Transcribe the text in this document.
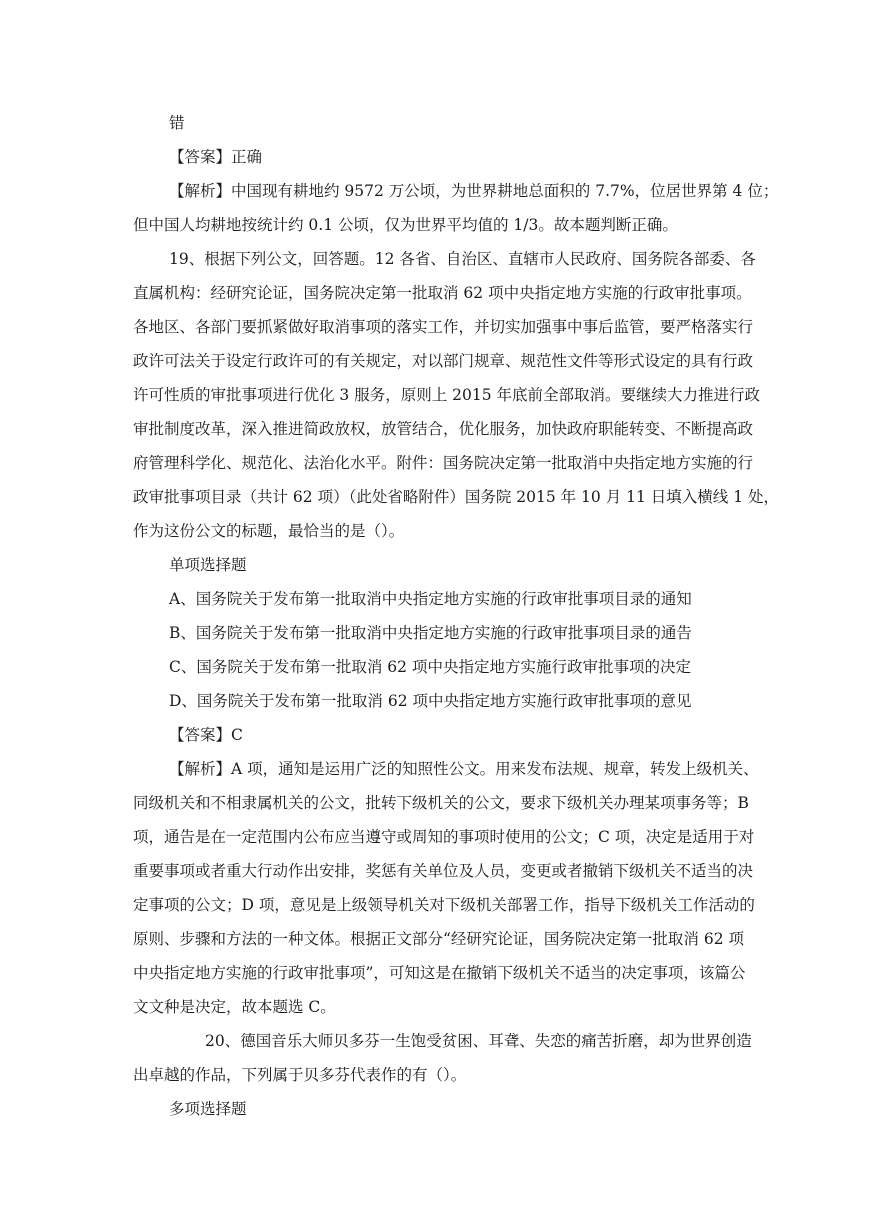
错
【答案】正确
【解析】中国现有耕地约 9572 万公顷，为世界耕地总面积的 7.7%，位居世界第 4 位；
但中国人均耕地按统计约 0.1 公顷，仅为世界平均值的 1/3。故本题判断正确。
19、根据下列公文，回答题。12 各省、自治区、直辖市人民政府、国务院各部委、各
直属机构：经研究论证，国务院决定第一批取消 62 项中央指定地方实施的行政审批事项。
各地区、各部门要抓紧做好取消事项的落实工作，并切实加强事中事后监管，要严格落实行
政许可法关于设定行政许可的有关规定，对以部门规章、规范性文件等形式设定的具有行政
许可性质的审批事项进行优化 3 服务，原则上 2015 年底前全部取消。要继续大力推进行政
审批制度改革，深入推进简政放权，放管结合，优化服务，加快政府职能转变、不断提高政
府管理科学化、规范化、法治化水平。附件：国务院决定第一批取消中央指定地方实施的行
政审批事项目录（共计 62 项）（此处省略附件）国务院 2015 年 10 月 11 日填入横线 1 处，
作为这份公文的标题，最恰当的是（）。
单项选择题
A、国务院关于发布第一批取消中央指定地方实施的行政审批事项目录的通知
B、国务院关于发布第一批取消中央指定地方实施的行政审批事项目录的通告
C、国务院关于发布第一批取消 62 项中央指定地方实施行政审批事项的决定
D、国务院关于发布第一批取消 62 项中央指定地方实施行政审批事项的意见
【答案】C
【解析】A 项，通知是运用广泛的知照性公文。用来发布法规、规章，转发上级机关、
同级机关和不相隶属机关的公文，批转下级机关的公文，要求下级机关办理某项事务等；B
项，通告是在一定范围内公布应当遵守或周知的事项时使用的公文；C 项，决定是适用于对
重要事项或者重大行动作出安排，奖惩有关单位及人员，变更或者撤销下级机关不适当的决
定事项的公文；D 项，意见是上级领导机关对下级机关部署工作，指导下级机关工作活动的
原则、步骤和方法的一种文体。根据正文部分“经研究论证，国务院决定第一批取消 62 项
中央指定地方实施的行政审批事项”，可知这是在撤销下级机关不适当的决定事项，该篇公
文文种是决定，故本题选 C。
20、德国音乐大师贝多芬一生饱受贫困、耳聋、失恋的痛苦折磨，却为世界创造
出卓越的作品，下列属于贝多芬代表作的有（）。
多项选择题
